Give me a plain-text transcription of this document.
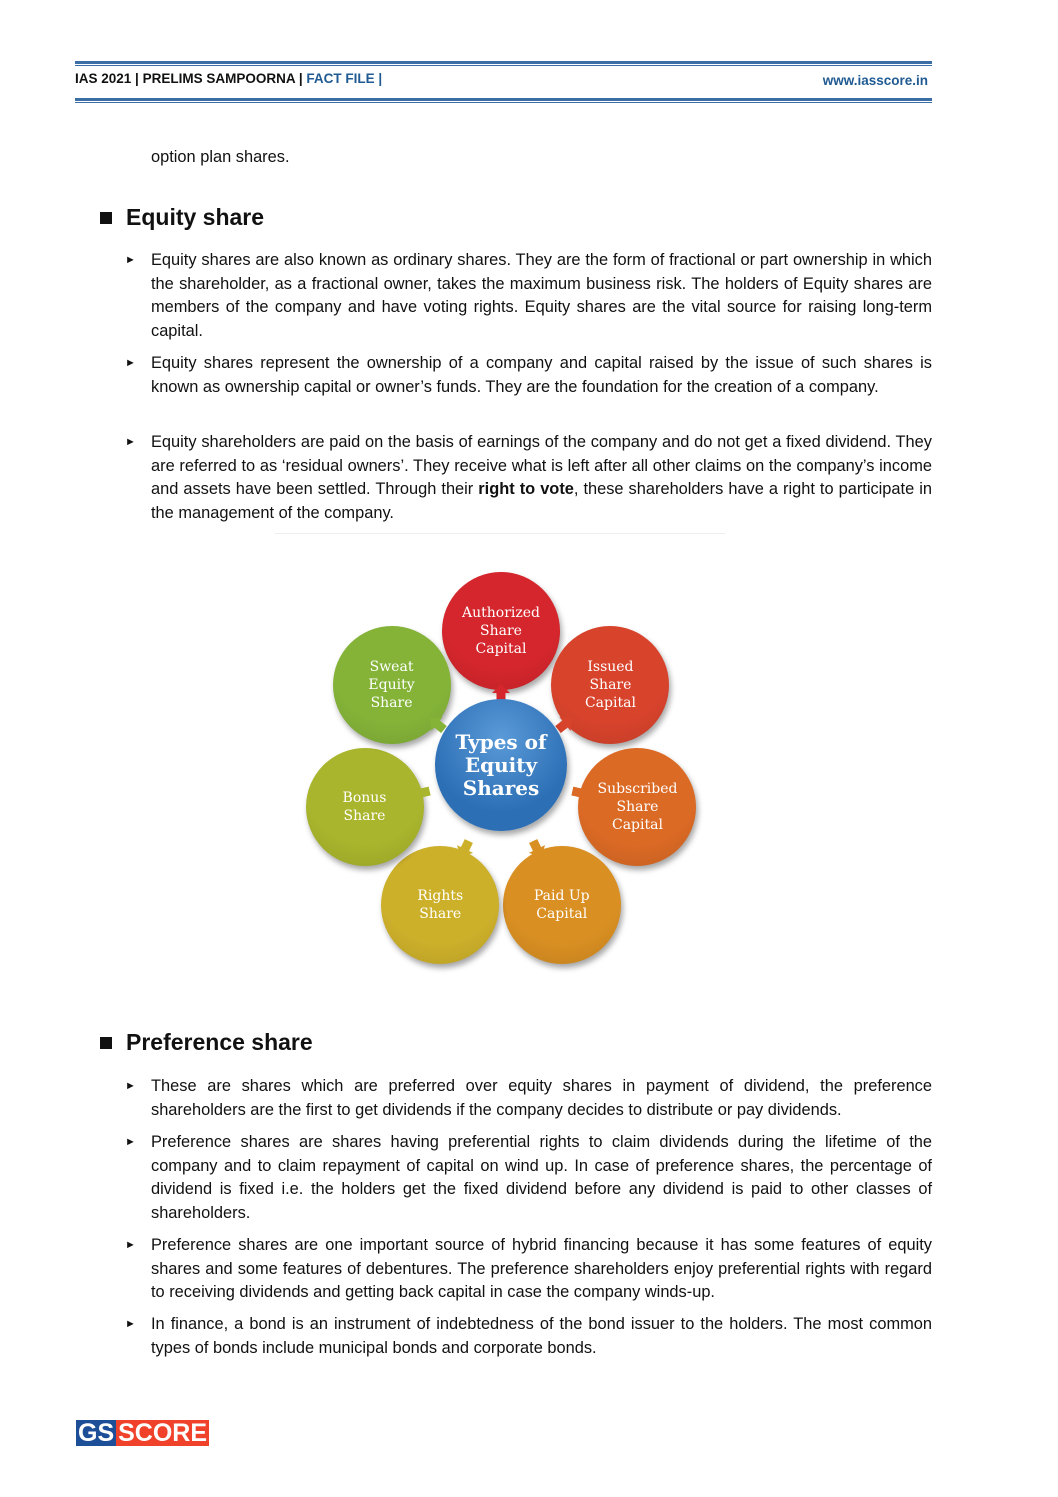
IAS 2021 | PRELIMS SAMPOORNA | FACT FILE |	www.iasscore.in
option plan shares.
Equity share
► Equity shares are also known as ordinary shares. They are the form of fractional or part ownership in which the shareholder, as a fractional owner, takes the maximum business risk. The holders of Equity shares are members of the company and have voting rights. Equity shares are the vital source for raising long-term capital.
► Equity shares represent the ownership of a company and capital raised by the issue of such shares is known as ownership capital or owner’s funds. They are the foundation for the creation of a company.
► Equity shareholders are paid on the basis of earnings of the company and do not get a fixed dividend. They are referred to as ‘residual owners’. They receive what is left after all other claims on the company’s income and assets have been settled. Through their right to vote, these shareholders have a right to participate in the management of the company.
Authorized
Share
Capital
Issued
Share
Capital
Subscribed
Share
Capital
Paid Up
Capital
Rights
Share
Bonus
Share
Sweat
Equity
Share
Types of
Equity
Shares
Preference share
► These are shares which are preferred over equity shares in payment of dividend, the preference shareholders are the first to get dividends if the company decides to distribute or pay dividends.
► Preference shares are shares having preferential rights to claim dividends during the lifetime of the company and to claim repayment of capital on wind up. In case of preference shares, the percentage of dividend is fixed i.e. the holders get the fixed dividend before any dividend is paid to other classes of shareholders.
► Preference shares are one important source of hybrid financing because it has some features of equity shares and some features of debentures. The preference shareholders enjoy preferential rights with regard to receiving dividends and getting back capital in case the company winds-up.
► In finance, a bond is an instrument of indebtedness of the bond issuer to the holders. The most common types of bonds include municipal bonds and corporate bonds.
GS SCORE
